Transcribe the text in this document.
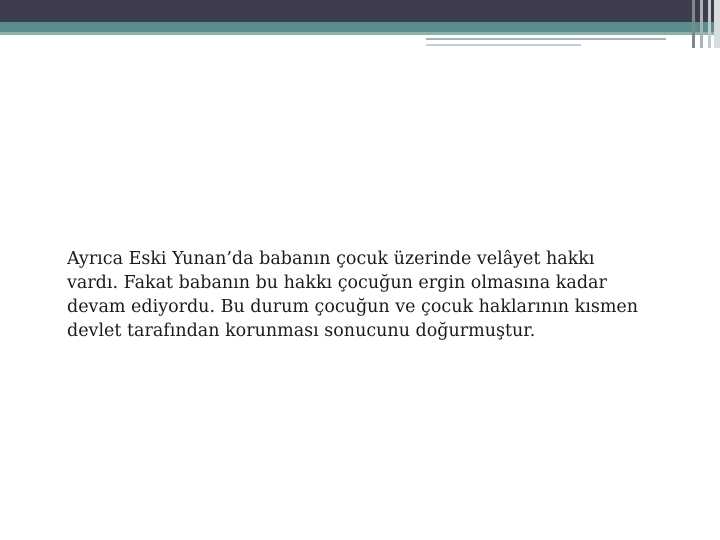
Ayrıca Eski Yunan’da babanın çocuk üzerinde velâyet hakkı
vardı. Fakat babanın bu hakkı çocuğun ergin olmasına kadar
devam ediyordu. Bu durum çocuğun ve çocuk haklarının kısmen
devlet tarafından korunması sonucunu doğurmuştur.
